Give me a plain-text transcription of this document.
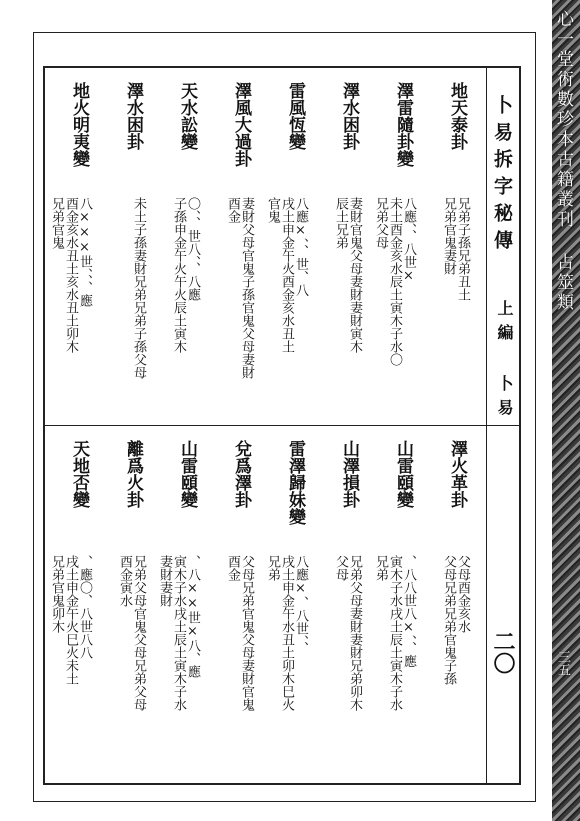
卜易拆字秘傳
上編 卜易
二〇
地天泰卦
兄弟子孫兄弟丑土
兄弟官鬼妻財
澤雷隨卦變
八應、、八世×
未土酉金亥水辰土寅木子水〇
兄弟父母
澤水困卦
妻財官鬼父母妻財妻財寅木
辰土兄弟
雷風恆變
八應×、、世、八
戌土申金午火酉金亥水丑土
官鬼
澤風大過卦
妻財父母官鬼子孫官鬼父母妻財
酉金
天水訟變
〇、、世八、、八應
子孫申金午火午火辰土寅木
澤水困卦
未土子孫妻財兄弟兄弟子孫父母
地火明夷變
八×××世、、、應
酉金亥水丑土亥水丑土卯木
兄弟官鬼
澤火革卦
父母酉金亥水
父母兄弟兄弟官鬼子孫
山雷頤變
、八八世八×、、應
寅木子水戌土辰土寅木子水
兄弟
山澤損卦
兄弟父母妻財妻財兄弟卯木
父母
雷澤歸妹變
八應×、八世、、
戌土申金午水丑土卯木巳火
兄弟
兌爲澤卦
父母兄弟官鬼父母妻財官鬼
酉金
山雷頤變
、八××世×八、應
寅木子水戌土辰土寅木子水
妻財妻財
離爲火卦
兄弟父母官鬼父母兄弟父母
酉金寅水
天地否變
、應〇、八世八八
戌土申金午火巳火未土
兄弟官鬼卯木
心一堂術數珍本古籍叢刊 占筮類
三五
